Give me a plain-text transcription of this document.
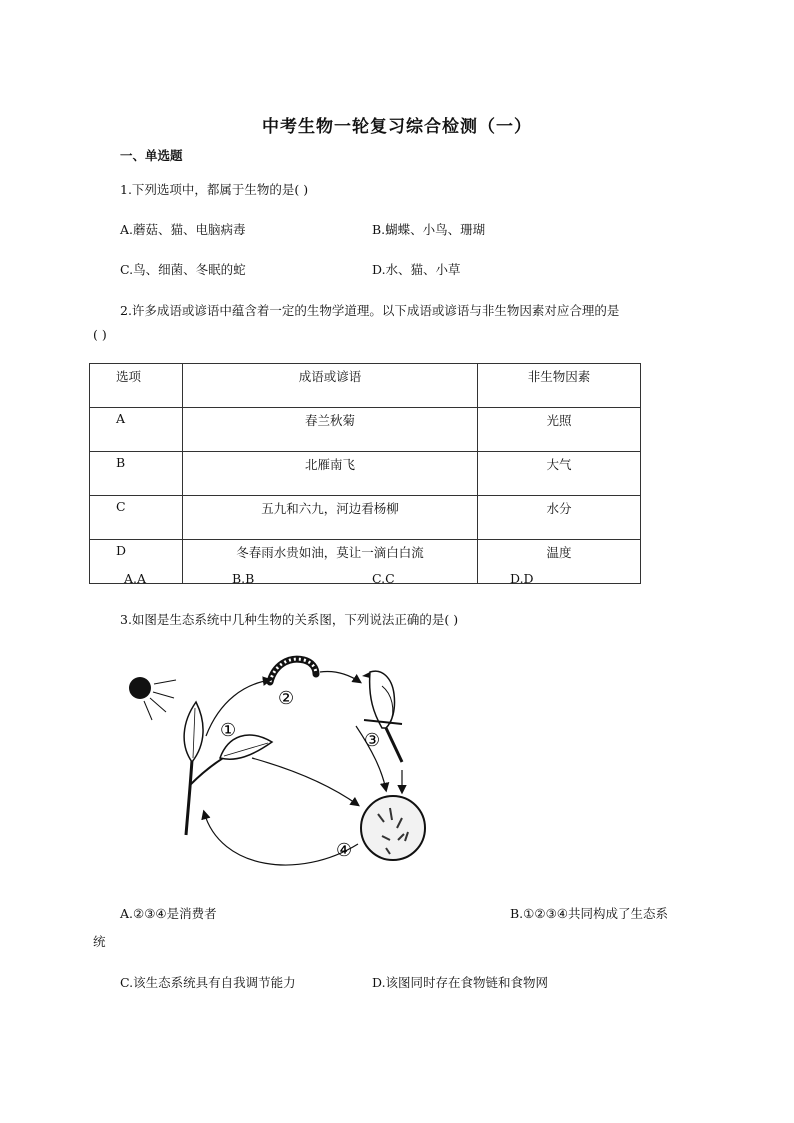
中考生物一轮复习综合检测（一）
一、单选题
1.下列选项中，都属于生物的是( )
A.蘑菇、猫、电脑病毒	B.蝴蝶、小鸟、珊瑚
C.鸟、细菌、冬眠的蛇	D.水、猫、小草
2.许多成语或谚语中蕴含着一定的生物学道理。以下成语或谚语与非生物因素对应合理的是
( )
选项	成语或谚语	非生物因素
A	春兰秋菊	光照
B	北雁南飞	大气
C	五九和六九，河边看杨柳	水分
D	冬春雨水贵如油，莫让一滴白白流	温度
A.A	B.B	C.C	D.D
3.如图是生态系统中几种生物的关系图，下列说法正确的是( )
①
②
③
④
A.②③④是消费者	B.①②③④共同构成了生态系
统
C.该生态系统具有自我调节能力	D.该图同时存在食物链和食物网
